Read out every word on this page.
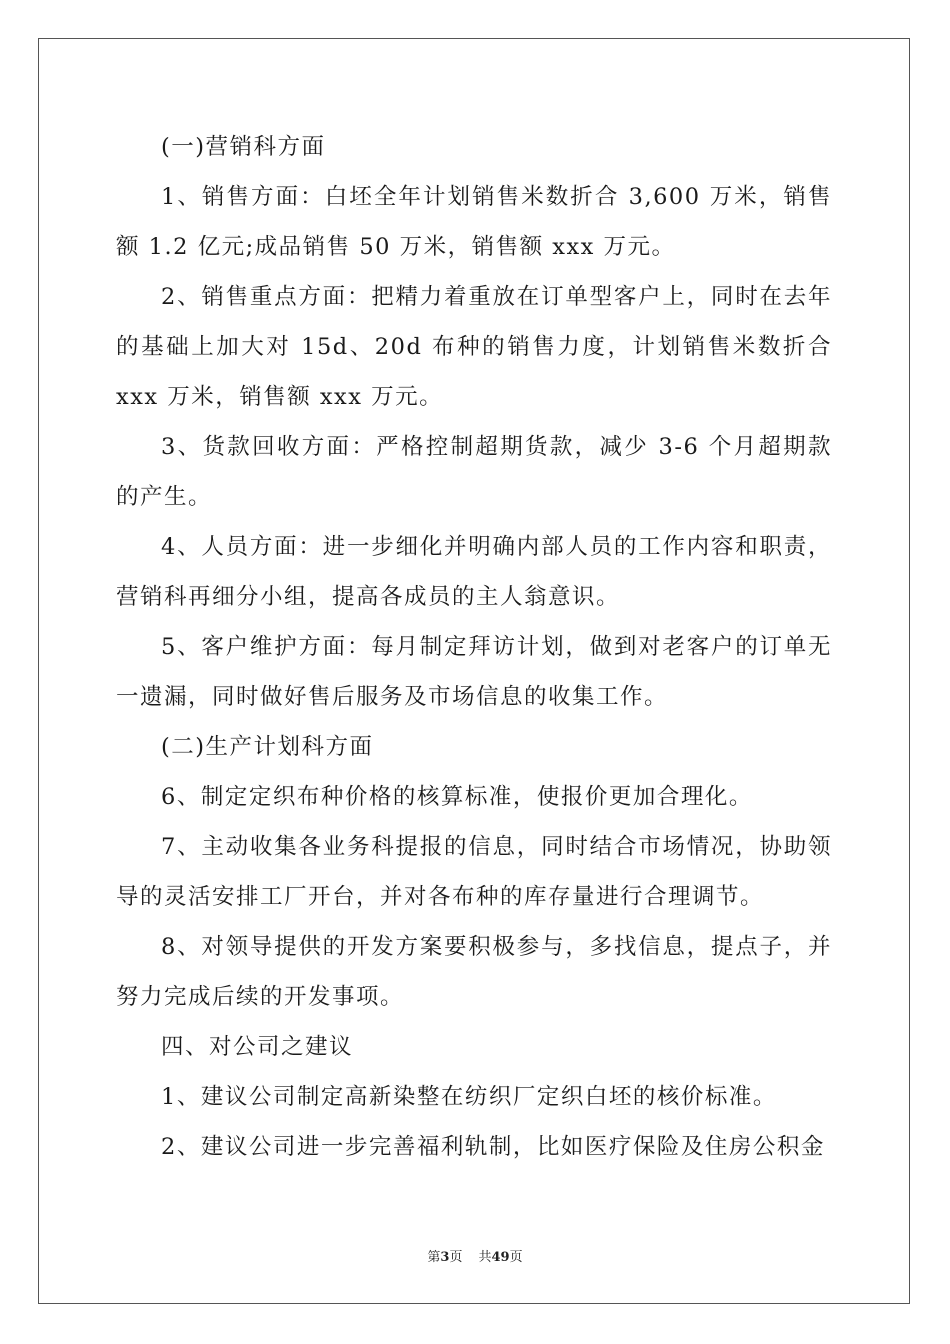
(一)营销科方面

1、销售方面：白坯全年计划销售米数折合 3,600 万米，销售额 1.2 亿元;成品销售 50 万米，销售额 xxx 万元。

2、销售重点方面：把精力着重放在订单型客户上，同时在去年的基础上加大对 15d、20d 布种的销售力度，计划销售米数折合 xxx 万米，销售额 xxx 万元。

3、货款回收方面：严格控制超期货款，减少 3-6 个月超期款的产生。

4、人员方面：进一步细化并明确内部人员的工作内容和职责，营销科再细分小组，提高各成员的主人翁意识。

5、客户维护方面：每月制定拜访计划，做到对老客户的订单无一遗漏，同时做好售后服务及市场信息的收集工作。

(二)生产计划科方面

6、制定定织布种价格的核算标准，使报价更加合理化。

7、主动收集各业务科提报的信息，同时结合市场情况，协助领导的灵活安排工厂开台，并对各布种的库存量进行合理调节。

8、对领导提供的开发方案要积极参与，多找信息，提点子，并努力完成后续的开发事项。

四、对公司之建议

1、建议公司制定高新染整在纺织厂定织白坯的核价标准。

2、建议公司进一步完善福利轨制，比如医疗保险及住房公积金

第3页 共49页
